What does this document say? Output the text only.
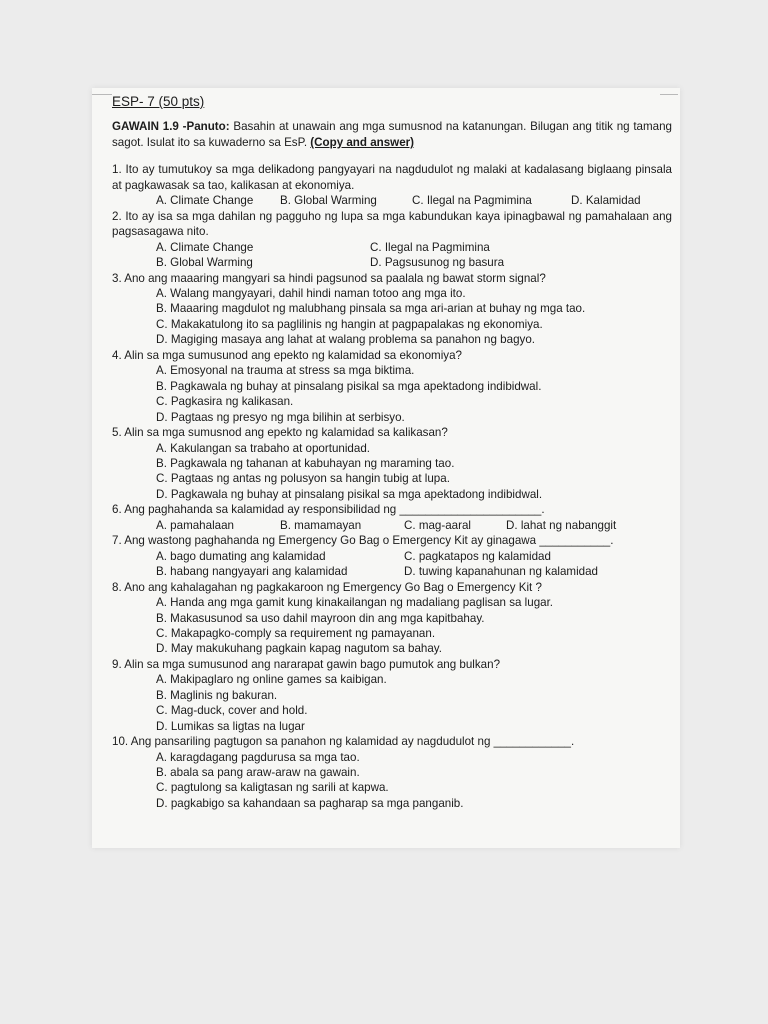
ESP- 7 (50 pts)

GAWAIN 1.9 -Panuto: Basahin at unawain ang mga sumusnod na katanungan. Bilugan ang titik ng tamang sagot. Isulat ito sa kuwaderno sa EsP. (Copy and answer)

1. Ito ay tumutukoy sa mga delikadong pangyayari na nagdudulot ng malaki at kadalasang biglaang pinsala at pagkawasak sa tao, kalikasan at ekonomiya.

A. Climate Change	B. Global Warming	C. Ilegal na Pagmimina	D. Kalamidad

2. Ito ay isa sa mga dahilan ng pagguho ng lupa sa mga kabundukan kaya ipinagbawal ng pamahalaan ang pagsasagawa nito.

A. Climate Change	C. Ilegal na Pagmimina
B. Global Warming	D. Pagsusunog ng basura

3. Ano ang maaaring mangyari sa hindi pagsunod sa paalala ng bawat storm signal?

A. Walang mangyayari, dahil hindi naman totoo ang mga ito.
B. Maaaring magdulot ng malubhang pinsala sa mga ari-arian at buhay ng mga tao.
C. Makakatulong ito sa paglilinis ng hangin at pagpapalakas ng ekonomiya.
D. Magiging masaya ang lahat at walang problema sa panahon ng bagyo.

4. Alin sa mga sumusunod ang epekto ng kalamidad sa ekonomiya?

A. Emosyonal na trauma at stress sa mga biktima.
B. Pagkawala ng buhay at pinsalang pisikal sa mga apektadong indibidwal.
C. Pagkasira ng kalikasan.
D. Pagtaas ng presyo ng mga bilihin at serbisyo.

5. Alin sa mga sumusnod ang epekto ng kalamidad sa kalikasan?

A. Kakulangan sa trabaho at oportunidad.
B. Pagkawala ng tahanan at kabuhayan ng maraming tao.
C. Pagtaas ng antas ng polusyon sa hangin tubig at lupa.
D. Pagkawala ng buhay at pinsalang pisikal sa mga apektadong indibidwal.

6. Ang paghahanda sa kalamidad ay responsibilidad ng ______________________.

A. pamahalaan	B. mamamayan	C. mag-aaral	D. lahat ng nabanggit

7. Ang wastong paghahanda ng Emergency Go Bag o Emergency Kit ay ginagawa ___________.

A. bago dumating ang kalamidad	C. pagkatapos ng kalamidad
B. habang nangyayari ang kalamidad	D. tuwing kapanahunan ng kalamidad

8. Ano ang kahalagahan ng pagkakaroon ng Emergency Go Bag o Emergency Kit ?

A. Handa ang mga gamit kung kinakailangan ng madaliang paglisan sa lugar.
B. Makasusunod sa uso dahil mayroon din ang mga kapitbahay.
C. Makapagko-comply sa requirement ng pamayanan.
D. May makukuhang pagkain kapag nagutom sa bahay.

9. Alin sa mga sumusunod ang nararapat gawin bago pumutok ang bulkan?

A. Makipaglaro ng online games sa kaibigan.
B. Maglinis ng bakuran.
C. Mag-duck, cover and hold.
D. Lumikas sa ligtas na lugar

10. Ang pansariling pagtugon sa panahon ng kalamidad ay nagdudulot ng ____________.

A. karagdagang pagdurusa sa mga tao.
B. abala sa pang araw-araw na gawain.
C. pagtulong sa kaligtasan ng sarili at kapwa.
D. pagkabigo sa kahandaan sa pagharap sa mga panganib.
